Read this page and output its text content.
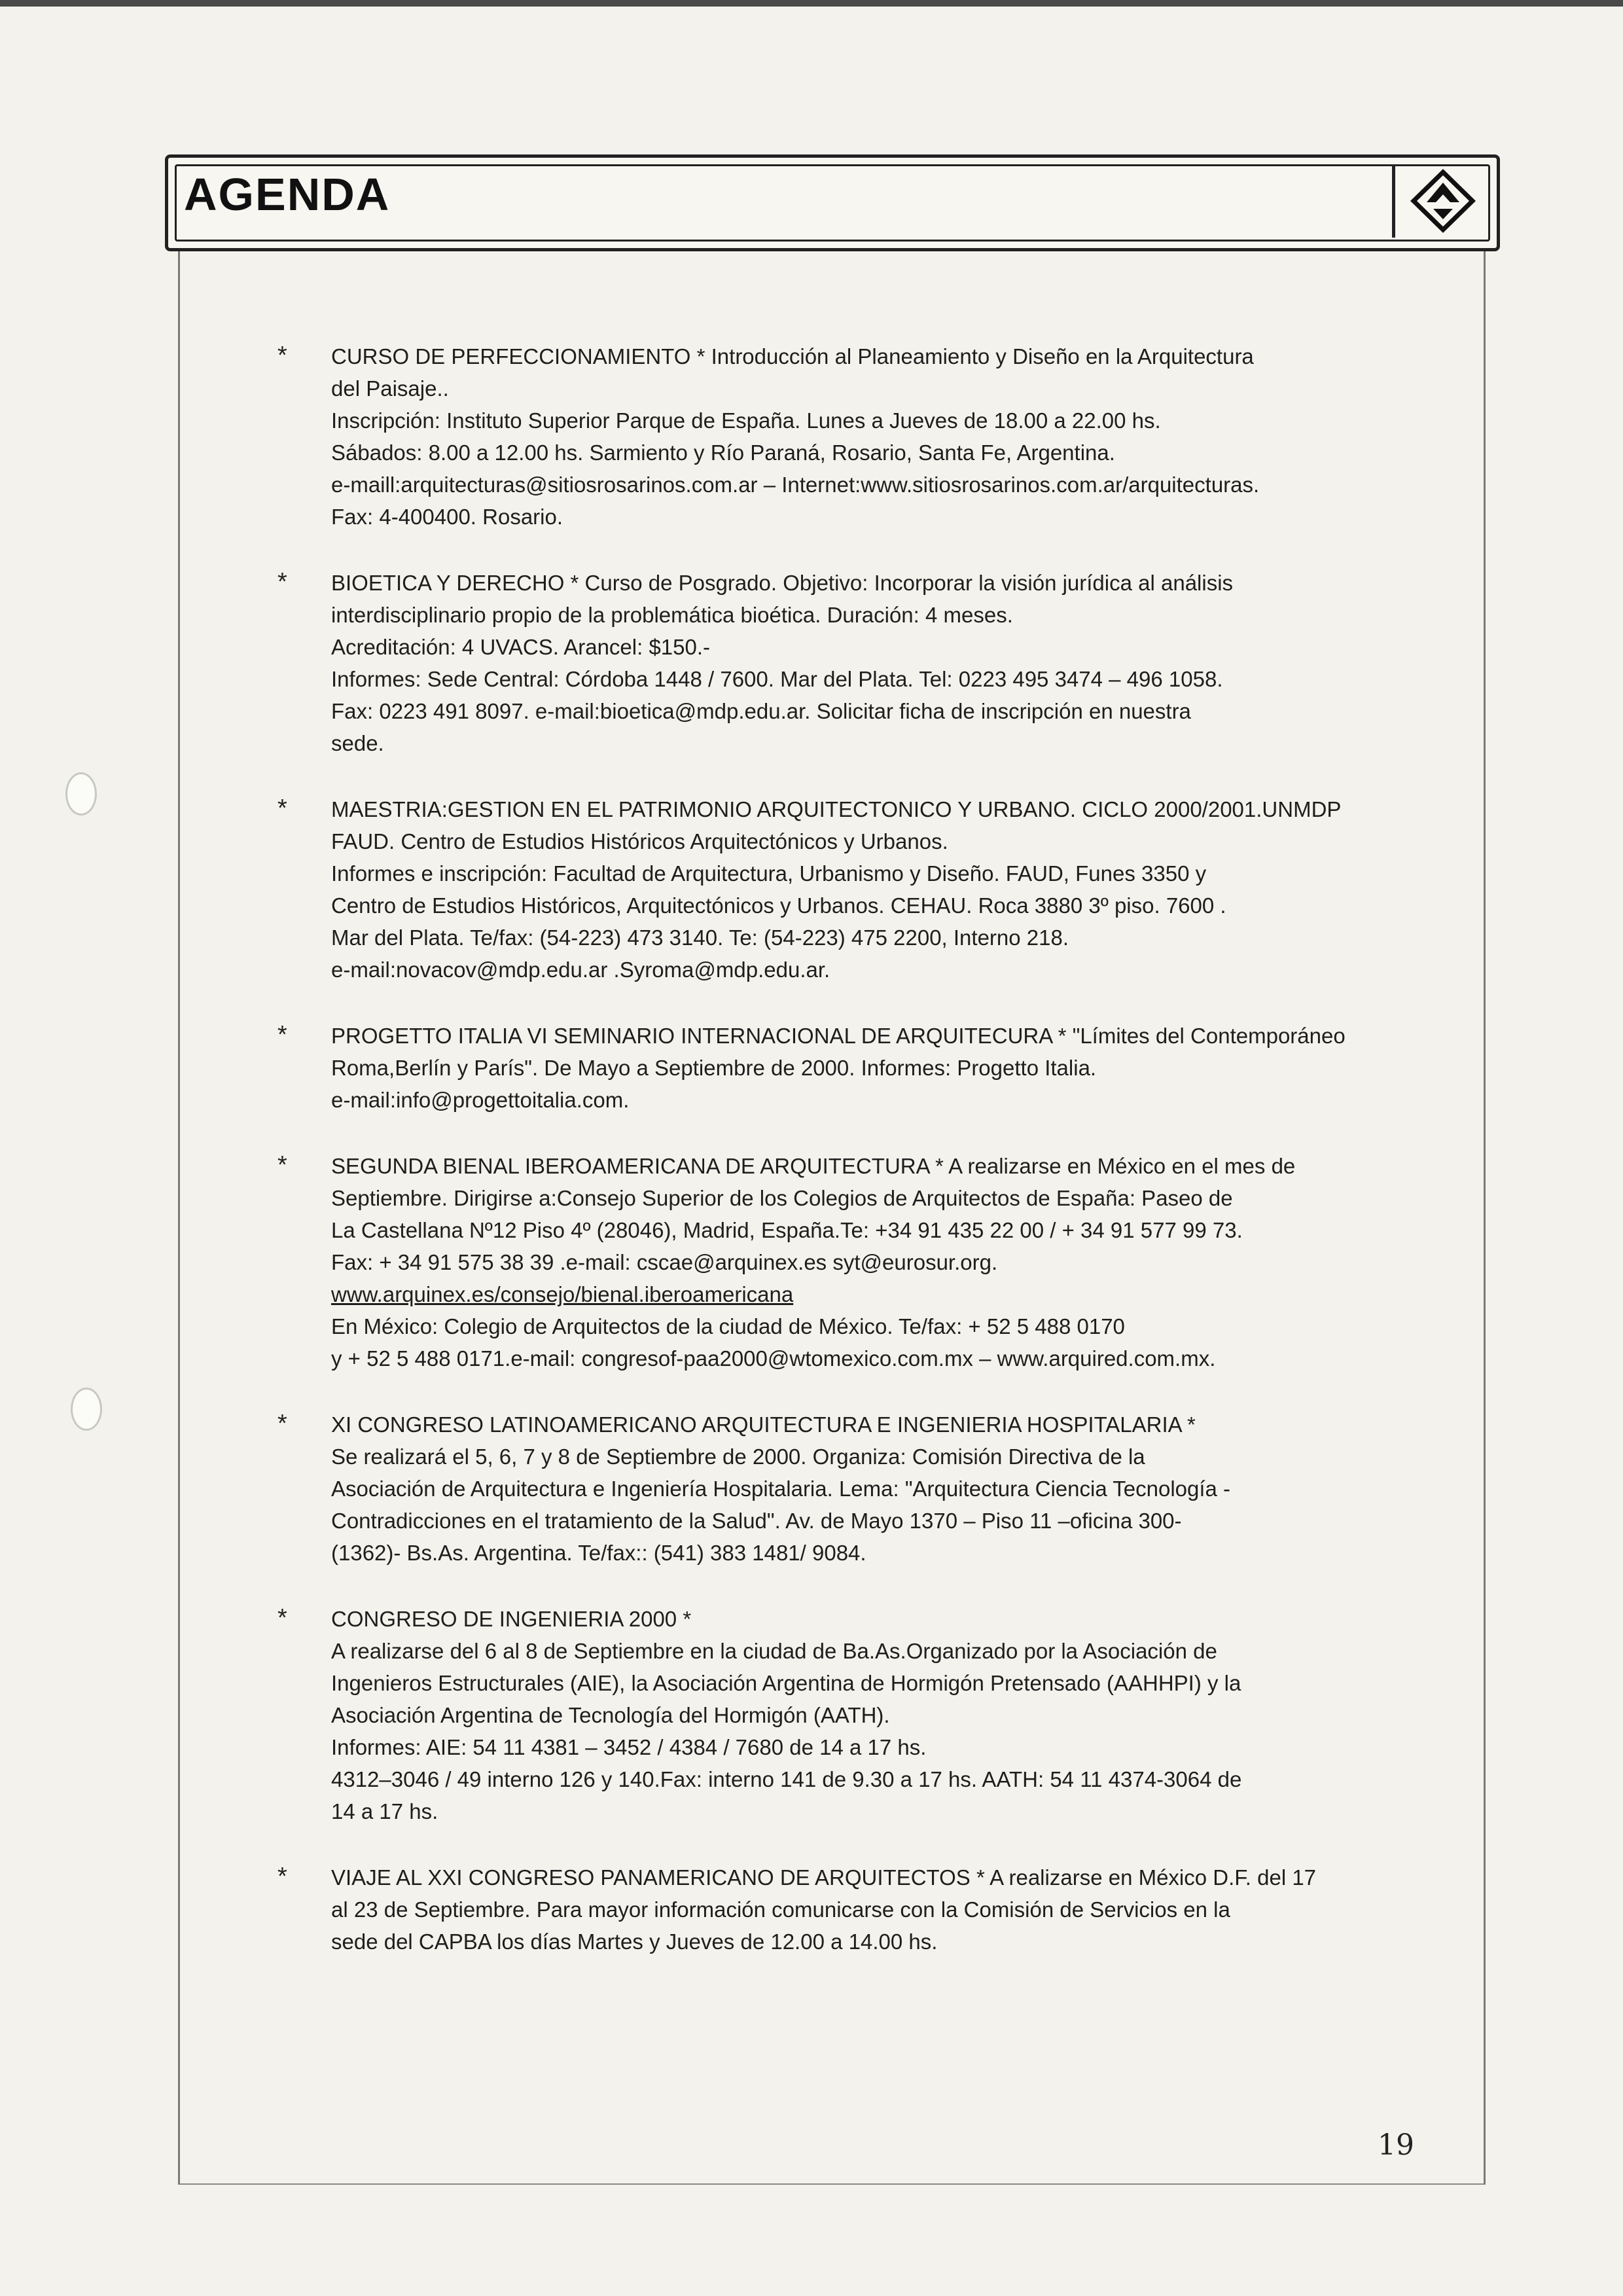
AGENDA
* CURSO DE PERFECCIONAMIENTO * Introducción al Planeamiento y Diseño en la Arquitectura

del Paisaje..

Inscripción: Instituto Superior Parque de España. Lunes a Jueves de 18.00 a 22.00 hs.

Sábados: 8.00 a 12.00 hs. Sarmiento y Río Paraná, Rosario, Santa Fe, Argentina.

e-maill:arquitecturas@sitiosrosarinos.com.ar – Internet:www.sitiosrosarinos.com.ar/arquitecturas.

Fax: 4-400400. Rosario.

* BIOETICA Y DERECHO * Curso de Posgrado. Objetivo: Incorporar la visión jurídica al análisis

interdisciplinario propio de la problemática bioética. Duración: 4 meses.

Acreditación: 4 UVACS. Arancel: $150.-

Informes: Sede Central: Córdoba 1448 / 7600. Mar del Plata. Tel: 0223 495 3474 – 496 1058.

Fax: 0223 491 8097. e-mail:bioetica@mdp.edu.ar. Solicitar ficha de inscripción en nuestra

sede.

* MAESTRIA:GESTION EN EL PATRIMONIO ARQUITECTONICO Y URBANO. CICLO 2000/2001.UNMDP

FAUD. Centro de Estudios Históricos Arquitectónicos y Urbanos.

Informes e inscripción: Facultad de Arquitectura, Urbanismo y Diseño. FAUD, Funes 3350 y

Centro de Estudios Históricos, Arquitectónicos y Urbanos. CEHAU. Roca 3880 3º piso. 7600 .

Mar del Plata. Te/fax: (54-223) 473 3140. Te: (54-223) 475 2200, Interno 218.

e-mail:novacov@mdp.edu.ar .Syroma@mdp.edu.ar.

* PROGETTO ITALIA VI SEMINARIO INTERNACIONAL DE ARQUITECURA * "Límites del Contemporáneo

Roma,Berlín y París". De Mayo a Septiembre de 2000. Informes: Progetto Italia.

e-mail:info@progettoitalia.com.

* SEGUNDA BIENAL IBEROAMERICANA DE ARQUITECTURA * A realizarse en México en el mes de

Septiembre. Dirigirse a:Consejo Superior de los Colegios de Arquitectos de España: Paseo de

La Castellana Nº12 Piso 4º (28046), Madrid, España.Te: +34 91 435 22 00 / + 34 91 577 99 73.

Fax: + 34 91 575 38 39 .e-mail: cscae@arquinex.es syt@eurosur.org.

www.arquinex.es/consejo/bienal.iberoamericana

En México: Colegio de Arquitectos de la ciudad de México. Te/fax: + 52 5 488 0170

y + 52 5 488 0171.e-mail: congresof-paa2000@wtomexico.com.mx – www.arquired.com.mx.

* XI CONGRESO LATINOAMERICANO ARQUITECTURA E INGENIERIA HOSPITALARIA *

Se realizará el 5, 6, 7 y 8 de Septiembre de 2000. Organiza: Comisión Directiva de la

Asociación de Arquitectura e Ingeniería Hospitalaria. Lema: "Arquitectura Ciencia Tecnología -

Contradicciones en el tratamiento de la Salud". Av. de Mayo 1370 – Piso 11 –oficina 300-

(1362)- Bs.As. Argentina. Te/fax:: (541) 383 1481/ 9084.

* CONGRESO DE INGENIERIA 2000 *

A realizarse del 6 al 8 de Septiembre en la ciudad de Ba.As.Organizado por la Asociación de

Ingenieros Estructurales (AIE), la Asociación Argentina de Hormigón Pretensado (AAHHPI) y la

Asociación Argentina de Tecnología del Hormigón (AATH).

Informes: AIE: 54 11 4381 – 3452 / 4384 / 7680 de 14 a 17 hs.

4312–3046 / 49 interno 126 y 140.Fax: interno 141 de 9.30 a 17 hs. AATH: 54 11 4374-3064 de

14 a 17 hs.

* VIAJE AL XXI CONGRESO PANAMERICANO DE ARQUITECTOS * A realizarse en México D.F. del 17

al 23 de Septiembre. Para mayor información comunicarse con la Comisión de Servicios en la

sede del CAPBA los días Martes y Jueves de 12.00 a 14.00 hs.

19
